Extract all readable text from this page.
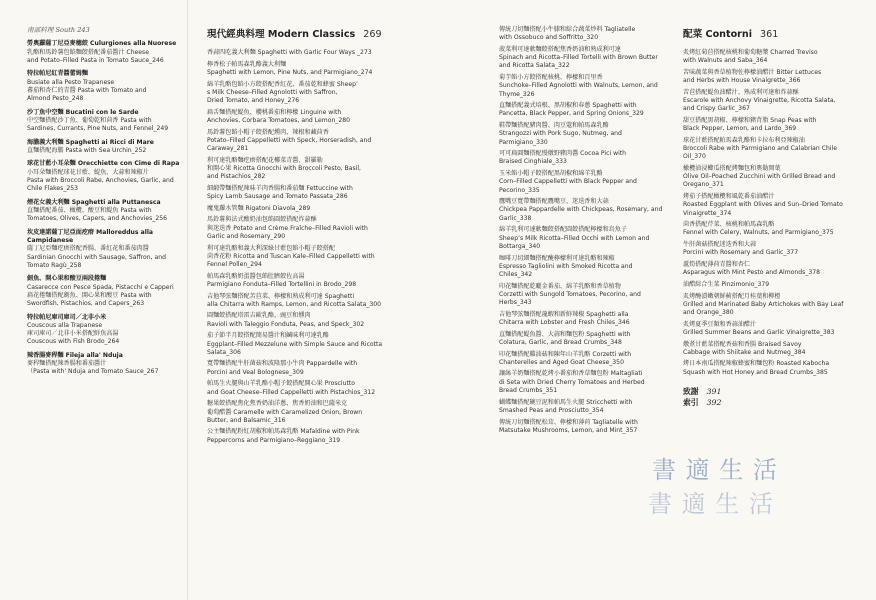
南部料理 South 243
勞奧蘿薩丁尼亞麥穗餃 Culurgiones alla Nuorese
乳酪和馬鈴薯包餡麵餃搭配番茄醬汁 Cheese
and Potato–Filled Pasta in Tomato Sauce_246
特拉帕尼紅青醬蕾姆麵
Busiate alla Pesto Trapanese
蕃茄和杏仁的青醬 Pasta with Tomato and
Almond Pesto_248
沙丁魚中空麵 Bucatini con le Sarde
中空麵搭配沙丁魚、葡萄乾和茴香 Pasta with
Sardines, Currants, Pine Nuts, and Fennel_249
海膽義大利麵 Spaghetti ai Ricci di Mare
直麵搭配海膽 Pasta with Sea Urchin_252
球花甘藍小耳朵麵 Orecchiette con Cime di Rapa
小耳朵麵搭配球花甘藍、鯷魚、大蒜和辣椒片
Pasta with Broccoli Rabe, Anchovies, Garlic, and
Chile Flakes_253
煙花女義大利麵 Spaghetti alla Puttanesca
直麵搭配番茄、橄欖、酸豆和鯷魚 Pasta with
Tomatoes, Olives, Capers, and Anchovies_256
坎皮達諾薩丁尼亞面疙瘩 Malloreddus alla Campidanese
薩丁尼亞麵疙瘩搭配香腸、番紅花和番茄肉醬
Sardinian Gnocchi with Sausage, Saffron, and
Tomato Ragù_258
劍魚、開心果和酸豆兩段捲麵
Casarecce con Pesce Spada, Pistacchi e Capperi
扁花捲麵搭配劍魚、開心果和酸豆 Pasta with
Swordfish, Pistachios, and Capers_263
特拉帕尼庫司庫司／北非小米
Couscous alla Trapanese
庫司庫司／北非小米搭配鮮魚高湯
Couscous with Fish Brodo_264
辣香腸麥稈麵 Fileja alla' Nduja
麥稈麵搭配辣香腸和番茄醬汁
（Pasta with' Nduja and Tomato Sauce_267
現代經典料理 Modern Classics 269
香蒜四吃義大利麵 Spaghetti with Garlic Four Ways _273
檸香松子帕馬森乳酪義大利麵
Spaghetti with Lemon, Pine Nuts, and Parmigiano_274
綿羊乳酪包餡小方餃搭配香紅花、番茄乾和蜂蜜 Sheep’
s Milk Cheese–Filled Agnolotti with Saffron,
Dried Tomato, and Honey_276
扁舌麵搭配鯷魚、櫻桃番茄和檸檬 Linguine with
Anchovies, Corbara Tomatoes, and Lemon_280
馬鈴薯包餡小帽子餃搭配燻肉、辣根和藏茴香
Potato–Filled Cappelletti with Speck, Horseradish, and
Caraway_281
利可達乳酪麵疙瘩搭配花椰菜青醬、甜羅勒
和開心果 Ricotta Gnocchi with Broccoli Pesto, Basil,
and Pistachios_282
細緞帶麵搭配辣味羊肉香腸和番茄麵 Fettuccine with
Spicy Lamb Sausage and Tomato Passata_286
魔鬼蘿水管麵 Rigatoni Diavola_289
馬鈴薯與法式酸奶油包餡圓餃搭配炸蒜酥
與迷迭香 Potato and Crème Fraîche–Filled Ravioli with
Garlic and Rosemary_290
利可達乳酪和義大利深綠甘藍包餡小帽子餃搭配
茴香花粉 Ricotta and Tuscan Kale–Filled Cappelletti with
Fennel Pollen_294
帕馬森乳酪奶蛋醬包餡肚臍餃佐高湯
Parmigiano Fonduta–Filled Tortellini in Brodo_298
吉他琴弦麵搭配苦苣菜、檸檬和熟成利可達 Spaghetti
alla Chitarra with Ramps, Lemon, and Ricotta Salata_300
圓麵餃搭配塔雷吉歐乳酪、豌豆和燻肉
Ravioli with Taleggio Fonduta, Peas, and Speck_302
茄子節半月餃搭配簡易醬汁和鹹味利可達乳酪
Eggplant–Filled Mezzelune with Simple Sauce and Ricotta
Salata_306
寬帶麵搭配牛肝菌菇和波隆那小牛肉 Pappardelle with
Porcini and Veal Bolognese_309
帕馬生火腿與山羊乳酪小帽子餃搭配開心果 Prosciutto
and Goat Cheese–Filled Cappelletti with Pistachios_312
糖果餃搭配焦化焦香奶油洋蔥、焦香奶油和巴薩米克
葡萄醋醬 Caramelle with Caramelized Onion, Brown
Butter, and Balsamic_316
公主麵搭配粉紅胡椒和帕馬森乳酪 Mafaldine with Pink
Peppercorns and Parmigiano–Reggiano_319
傳統刀切麵搭配小牛膝和綜合蔬菜炒料 Tagliatelle
with Ossobuco and Soffritto_320
菠菜利可達軟麵餃搭配焦香奶油和熟成利可達
Spinach and Ricotta–Filled Tortelli with Brown Butter
and Ricotta Salata_322
菊芋餡小方餃搭配核桃、檸檬和百里香
Sunchoke–Filled Agnolotti with Walnuts, Lemon, and
Thyme_326
直麵搭配義式培根、黑胡椒和春蔥 Spaghetti with
Pancetta, Black Pepper, and Spring Onions_329
鞋帶麵搭配豬肉醬、肉豆蔻和帕馬森乳酪
Strangozzi with Pork Sugo, Nutmeg, and
Parmigiano_330
可可扁圓麵搭配慢燉野豬肉醬 Cocoa Pici with
Braised Cinghiale_333
玉米餡小帽子餃搭配黑胡椒和綿羊乳酪
Corn–Filled Cappelletti with Black Pepper and
Pecorino_335
鷹嘴豆寬帶麵搭配鷹嘴豆、迷迭香和大蒜
Chickpea Pappardelle with Chickpeas, Rosemary, and
Garlic_338
綿羊乳利可達軟麵餃搭配圓餃搭配檸檬和烏魚子
Sheep’s Milk Ricotta–Filled Occhi with Lemon and
Bottarga_340
咖啡刀切細麵搭配醃檸檬利可達乳酪和辣椒
Espresso Tagliolini with Smoked Ricotta and
Chiles_342
印花麵搭配乾曬金番茄、綿羊乳酪和香草植物
Corzetti with Sungold Tomatoes, Pecorino, and
Herbs_343
吉他琴弦麵搭配龍蝦和新鮮辣椒 Spaghetti alla
Chitarra with Lobster and Fresh Chiles_346
直麵搭配鯷魚醬、大蒜和麵包粉 Spaghetti with
Colatura, Garlic, and Bread Crumbs_348
印花麵搭配雞油菇和陳年山羊乳酪 Corzetti with
Chanterelles and Aged Goat Cheese_350
讓絲羊奶麵搭配乾烤小番茄和香草麵包粉 Maltagliati
di Seta with Dried Cherry Tomatoes and Herbed
Bread Crumbs_351
蝴蝶麵搭配碗豆泥和帕馬生火腿 Stricchetti with
Smashed Peas and Prosciutto_354
傳統刀切麵搭配松茸、檸檬和薄荷 Tagliatelle with
Matsutake Mushrooms, Lemon, and Mint_357
配菜 Contorni 361
炙烤紅菊苣搭配核桃和葡萄糖漿 Charred Treviso
with Walnuts and Saba_364
苦味蔬菜與香草植物佐檸檬油醋汁 Bitter Lettuces
and Herbs with House Vinaigrette_366
苦苣搭配鯷魚油醋汁、熟成利可達和炸蒜酥
Escarole with Anchovy Vinaigrette, Ricotta Salata,
and Crispy Garlic_367
甜豆搭配黑胡椒、檸檬和豬背脂 Snap Peas with
Black Pepper, Lemon, and Lardo_369
球花甘藍搭配帕馬森乳酪和卡拉布利亞辣椒油
Broccoli Rabe with Parmigiano and Calabrian Chile
Oil_370
橄欖油浸櫛瓜搭配烤麵包和奧勒岡葉
Olive Oil–Poached Zucchini with Grilled Bread and
Oregano_371
烤茄子搭配橄欖和風乾番茄油醋汁
Roasted Eggplant with Olives and Sun–Dried Tomato
Vinaigrette_374
茴香搭配芹菜、核桃和帕馬森乳酪
Fennel with Celery, Walnuts, and Parmigiano_375
牛肝菌菇搭配迷迭香和大蒜
Porcini with Rosemary and Garlic_377
蘆筍搭配薄荷青醬和杏仁
Asparagus with Mint Pesto and Almonds_378
油醋綜合生菜 Pinzimonio_379
炙烤醃漬嫩朝鮮薊搭配月桂葉和柳橙
Grilled and Marinated Baby Artichokes with Bay Leaf
and Orange_380
炙烤夏季豆類和香蒜油醋汁
Grilled Summer Beans and Garlic Vinaigrette_383
燉煮甘藍菜搭配香菇和香腸 Braised Savoy
Cabbage with Shiitake and Nutmeg_384
烤日本南瓜搭配辣椒蜂蜜和麵包粉 Roasted Kabocha
Squash with Hot Honey and Bread Crumbs_385
致謝 391
索引 392
書 適 生 活
書 適 生 活
